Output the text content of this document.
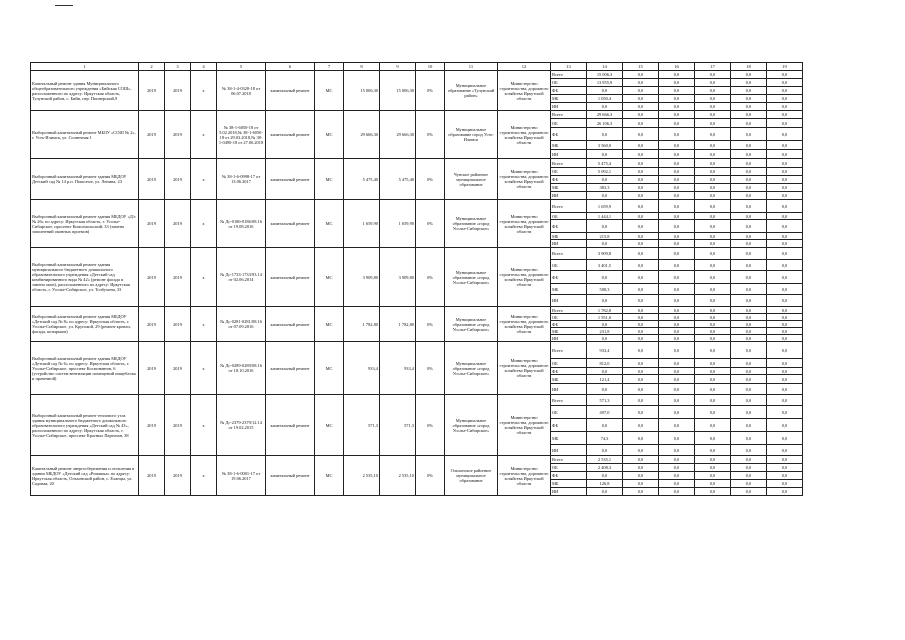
1	2	3	4	5	6	7	8	9	10	11	12	13	14	15	16	17	18	19
Капитальный ремонт здания Муниципального общеобразовательного учреждения «Бийская СОШ», расположенного по адресу: Иркутская область, Тулунский район, с. Бийи, пер. Пионерский,9	2019	2019	х	№ 38-1-4-0320-18 от 06.07.2018	капитальный ремонт	МС	15 006,30	15 006,30	0%	Муниципальное образование «Тулунский район»	Министерство строительства, дорожного хозяйства Иркутской области	Всего	15 006,3	0,0	0,0	0,0	0,0	0,0
												ОБ	13 955,9	0,0	0,0	0,0	0,0	0,0
												ФБ	0,0	0,0	0,0	0,0	0,0	0,0
												МБ	1 050,4	0,0	0,0	0,0	0,0	0,0
												ИИ	0,0	0,0	0,0	0,0	0,0	0,0
Выборочный капитальный ремонт МБОУ «СОШ № 2», г. Усть-Илимск, ул. Солнечная 1	2019	2019	х	№ 38-1-6050-18 от 5.02.2018,№ 38-1-6050-18 от 29.03.2018,№ 38-1-0490-18 от 27.06.2018	капитальный ремонт	МС	29 666,30	29 666,30	0%	Муниципальное образование город Усть-Илимск	Министерство строительства, дорожного хозяйства Иркутской области	Всего	29 666,3	0,0	0,0	0,0	0,0	0,0
												ОБ	26 106,3	0,0	0,0	0,0	0,0	0,0
												ФБ	0,0	0,0	0,0	0,0	0,0	0,0
												МБ	3 560,0	0,0	0,0	0,0	0,0	0,0
												ИИ	0,0	0,0	0,0	0,0	0,0	0,0
Выборочный капитальный ремонт здания МБДОУ Детский сад № 14 р.п. Покосное, ул. Ленина, 23	2019	2019	х	№ 38-1-6-0998-17 от 13.06.2017	капитальный ремонт	МС	5 475,40	5 475,40	0%	Чунское районное муниципальное образование	Министерство строительства, дорожного хозяйства Иркутской области	Всего	5 475,4	0,0	0,0	0,0	0,0	0,0
												ОБ	5 092,1	0,0	0,0	0,0	0,0	0,0
												ФБ	0,0	0,0	0,0	0,0	0,0	0,0
												МБ	383,3	0,0	0,0	0,0	0,0	0,0
												ИИ	0,0	0,0	0,0	0,0	0,0	0,0
Выборочный капитальный ремонт здания МБДОУ «Д/с № 26» по адресу: Иркутская область, г. Усолье-Сибирское, проспект Комсомольский, 33 (замена заполнений оконных проемов)	2019	2019	х	№ Дс-0186-0186/08.16 от 19.08.2016	капитальный ремонт	МС	1 659,90	1 659,90	0%	Муниципальное образование «город Усолье-Сибирское»	Министерство строительства, дорожного хозяйства Иркутской области	Всего	1 659,9	0,0	0,0	0,0	0,0	0,0
												ОБ	1 444,1	0,0	0,0	0,0	0,0	0,0
												ФБ	0,0	0,0	0,0	0,0	0,0	0,0
												МБ	215,8	0,0	0,0	0,0	0,0	0,0
												ИИ	0,0	0,0	0,0	0,0	0,0	0,0
Выборочный капитальный ремонт здания муниципального бюджетного дошкольного образовательного учреждения «Детский сад комбинированного вида № 42» (ремонт фасада и замена окон), расположенного по адресу: Иркутская область, г. Усолье-Сибирское, ул. Толбухина, 33	2019	2019	х	№ Дс-1733-1733/93.14 от 02.06.2014	капитальный ремонт	МС	3 909,80	3 909,80	0%	Муниципальное образование «город Усолье-Сибирское»	Министерство строительства, дорожного хозяйства Иркутской области	Всего	3 909,8	0,0	0,0	0,0	0,0	0,0
												ОБ	3 401,5	0,0	0,0	0,0	0,0	0,0
												ФБ	0,0	0,0	0,0	0,0	0,0	0,0
												МБ	508,3	0,0	0,0	0,0	0,0	0,0
												ИИ	0,0	0,0	0,0	0,0	0,0	0,0
Выборочный капитальный ремонт здания МБДОУ «Детский сад № 8» по адресу: Иркутская область, г. Усолье-Сибирское, ул. Крупской, 29 (ремонт кровли, фасада, козырьков)	2019	2019	х	№ Дс-0281-0281/08.16 от 07.09.2016	капитальный ремонт	МС	1 782,80	1 782,80	0%	Муниципальное образование «город Усолье-Сибирское»	Министерство строительства, дорожного хозяйства Иркутской области	Всего	1 782,8	0,0	0,0	0,0	0,0	0,0
												ОБ	1 551,0	0,0	0,0	0,0	0,0	0,0
												ФБ	0,0	0,0	0,0	0,0	0,0	0,0
												МБ	231,8	0,0	0,0	0,0	0,0	0,0
												ИИ	0,0	0,0	0,0	0,0	0,0	0,0
Выборочный капитальный ремонт здания МБДОУ «Детский сад № 6» по адресу: Иркутская область, г. Усолье-Сибирское, проспект Космонавтов, 6 (устройство систем вентиляции помещений пищеблока и прачечной)	2019	2019	х	№ Дс-0289-0289/08.16 от 18.10.2016	капитальный ремонт	МС	933,4	933,4	0%	Муниципальное образование «город Усолье-Сибирское»	Министерство строительства, дорожного хозяйства Иркутской области	Всего	933,4	0,0	0,0	0,0	0,0	0,0
												ОБ	812,0	0,0	0,0	0,0	0,0	0,0
												ФБ	0,0	0,0	0,0	0,0	0,0	0,0
												МБ	121,4	0,0	0,0	0,0	0,0	0,0
												ИИ	0,0	0,0	0,0	0,0	0,0	0,0
Выборочный капитальный ремонт теплового узла здания муниципального бюджетного дошкольного образовательного учреждения «Детский сад № 43», расположенного по адресу: Иркутская область, г. Усолье-Сибирское, проспект Красных Партизан, 38	2019	2019	х	№ Дс-2379-2379/12.14 от 19.02.2015	капитальный ремонт	МС	571,3	571,3	0%	Муниципальное образование «город Усолье-Сибирское»	Министерство строительства, дорожного хозяйства Иркутской области	Всего	571,3	0,0	0,0	0,0	0,0	0,0
												ОБ	497,0	0,0	0,0	0,0	0,0	0,0
												ФБ	0,0	0,0	0,0	0,0	0,0	0,0
												МБ	74,3	0,0	0,0	0,0	0,0	0,0
												ИИ	0,0	0,0	0,0	0,0	0,0	0,0
Капитальный ремонт энергосбережения и отопления в здании МБДОУ «Детский сад «Ромашка» по адресу: Иркутская область, Ольхонский район, с. Еланцы, ул. Садовая, 20	2019	2019	х	№ 38-1-6-0001-17 от 19.06.2017	капитальный ремонт	МС	2 535,10	2 535,10	0%	Ольхонское районное муниципальное образование	Министерство строительства, дорожного хозяйства Иркутской области	Всего	2 535,1	0,0	0,0	0,0	0,0	0,0
												ОБ	2 408,3	0,0	0,0	0,0	0,0	0,0
												ФБ	0,0	0,0	0,0	0,0	0,0	0,0
												МБ	126,8	0,0	0,0	0,0	0,0	0,0
												ИИ	0,0	0,0	0,0	0,0	0,0	0,0
